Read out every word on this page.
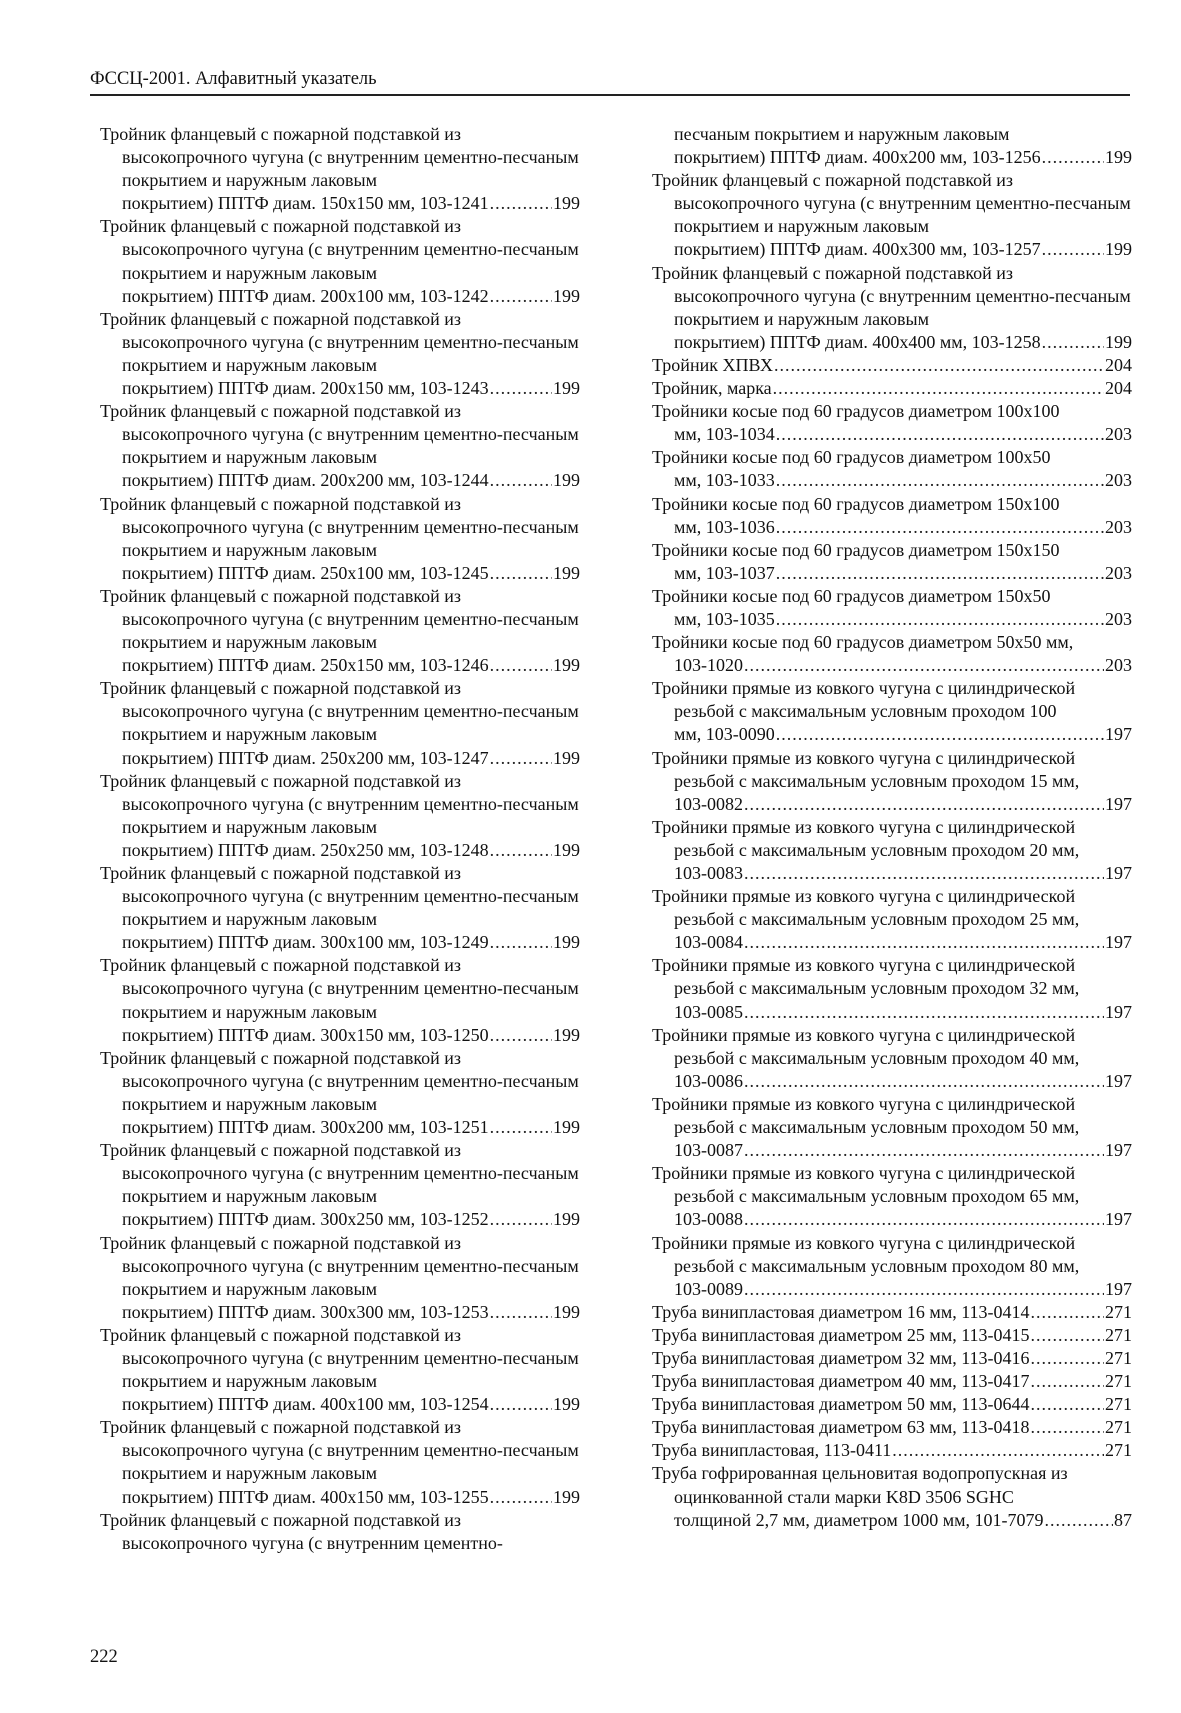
ФССЦ-2001. Алфавитный указатель
Тройник фланцевый с пожарной подставкой из высокопрочного чугуна (с внутренним цементно-песчаным покрытием и наружным лаковым
покрытием) ППТФ диам. 150х150 мм, 103-1241 .....	199
Тройник фланцевый с пожарной подставкой из высокопрочного чугуна (с внутренним цементно-песчаным покрытием и наружным лаковым
покрытием) ППТФ диам. 200х100 мм, 103-1242 .....	199
Тройник фланцевый с пожарной подставкой из высокопрочного чугуна (с внутренним цементно-песчаным покрытием и наружным лаковым
покрытием) ППТФ диам. 200х150 мм, 103-1243 .....	199
Тройник фланцевый с пожарной подставкой из высокопрочного чугуна (с внутренним цементно-песчаным покрытием и наружным лаковым
покрытием) ППТФ диам. 200х200 мм, 103-1244 .....	199
Тройник фланцевый с пожарной подставкой из высокопрочного чугуна (с внутренним цементно-песчаным покрытием и наружным лаковым
покрытием) ППТФ диам. 250х100 мм, 103-1245 .....	199
Тройник фланцевый с пожарной подставкой из высокопрочного чугуна (с внутренним цементно-песчаным покрытием и наружным лаковым
покрытием) ППТФ диам. 250х150 мм, 103-1246 .....	199
Тройник фланцевый с пожарной подставкой из высокопрочного чугуна (с внутренним цементно-песчаным покрытием и наружным лаковым
покрытием) ППТФ диам. 250х200 мм, 103-1247 .....	199
Тройник фланцевый с пожарной подставкой из высокопрочного чугуна (с внутренним цементно-песчаным покрытием и наружным лаковым
покрытием) ППТФ диам. 250х250 мм, 103-1248 .....	199
Тройник фланцевый с пожарной подставкой из высокопрочного чугуна (с внутренним цементно-песчаным покрытием и наружным лаковым
покрытием) ППТФ диам. 300х100 мм, 103-1249 .....	199
Тройник фланцевый с пожарной подставкой из высокопрочного чугуна (с внутренним цементно-песчаным покрытием и наружным лаковым
покрытием) ППТФ диам. 300х150 мм, 103-1250 .....	199
Тройник фланцевый с пожарной подставкой из высокопрочного чугуна (с внутренним цементно-песчаным покрытием и наружным лаковым
покрытием) ППТФ диам. 300х200 мм, 103-1251 .....	199
Тройник фланцевый с пожарной подставкой из высокопрочного чугуна (с внутренним цементно-песчаным покрытием и наружным лаковым
покрытием) ППТФ диам. 300х250 мм, 103-1252 .....	199
Тройник фланцевый с пожарной подставкой из высокопрочного чугуна (с внутренним цементно-песчаным покрытием и наружным лаковым
покрытием) ППТФ диам. 300х300 мм, 103-1253 .....	199
Тройник фланцевый с пожарной подставкой из высокопрочного чугуна (с внутренним цементно-песчаным покрытием и наружным лаковым
покрытием) ППТФ диам. 400х100 мм, 103-1254 .....	199
Тройник фланцевый с пожарной подставкой из высокопрочного чугуна (с внутренним цементно-песчаным покрытием и наружным лаковым
покрытием) ППТФ диам. 400х150 мм, 103-1255 .....	199
Тройник фланцевый с пожарной подставкой из высокопрочного чугуна (с внутренним цементно-
песчаным покрытием и наружным лаковым
покрытием) ППТФ диам. 400х200 мм, 103-1256 .....	199
Тройник фланцевый с пожарной подставкой из высокопрочного чугуна (с внутренним цементно-песчаным покрытием и наружным лаковым
покрытием) ППТФ диам. 400х300 мм, 103-1257 .....	199
Тройник фланцевый с пожарной подставкой из высокопрочного чугуна (с внутренним цементно-песчаным покрытием и наружным лаковым
покрытием) ППТФ диам. 400х400 мм, 103-1258 .....	199
Тройник ХПВХ .....	204
Тройник, марка .....	204
Тройники косые под 60 градусов диаметром 100х100
мм, 103-1034 .....	203
Тройники косые под 60 градусов диаметром 100х50
мм, 103-1033 .....	203
Тройники косые под 60 градусов диаметром 150х100
мм, 103-1036 .....	203
Тройники косые под 60 градусов диаметром 150х150
мм, 103-1037 .....	203
Тройники косые под 60 градусов диаметром 150х50
мм, 103-1035 .....	203
Тройники косые под 60 градусов диаметром 50х50 мм,
103-1020 .....	203
Тройники прямые из ковкого чугуна с цилиндрической резьбой с максимальным условным проходом 100
мм, 103-0090 .....	197
Тройники прямые из ковкого чугуна с цилиндрической резьбой с максимальным условным проходом 15 мм,
103-0082 .....	197
Тройники прямые из ковкого чугуна с цилиндрической резьбой с максимальным условным проходом 20 мм,
103-0083 .....	197
Тройники прямые из ковкого чугуна с цилиндрической резьбой с максимальным условным проходом 25 мм,
103-0084 .....	197
Тройники прямые из ковкого чугуна с цилиндрической резьбой с максимальным условным проходом 32 мм,
103-0085 .....	197
Тройники прямые из ковкого чугуна с цилиндрической резьбой с максимальным условным проходом 40 мм,
103-0086 .....	197
Тройники прямые из ковкого чугуна с цилиндрической резьбой с максимальным условным проходом 50 мм,
103-0087 .....	197
Тройники прямые из ковкого чугуна с цилиндрической резьбой с максимальным условным проходом 65 мм,
103-0088 .....	197
Тройники прямые из ковкого чугуна с цилиндрической резьбой с максимальным условным проходом 80 мм,
103-0089 .....	197
Труба винипластовая диаметром 16 мм, 113-0414 .....	271
Труба винипластовая диаметром 25 мм, 113-0415 .....	271
Труба винипластовая диаметром 32 мм, 113-0416 .....	271
Труба винипластовая диаметром 40 мм, 113-0417 .....	271
Труба винипластовая диаметром 50 мм, 113-0644 .....	271
Труба винипластовая диаметром 63 мм, 113-0418 .....	271
Труба винипластовая, 113-0411 .....	271
Труба гофрированная цельновитая водопропускная из оцинкованной стали марки K8D 3506 SGHC
толщиной 2,7 мм, диаметром 1000 мм, 101-7079 .....	87
222
